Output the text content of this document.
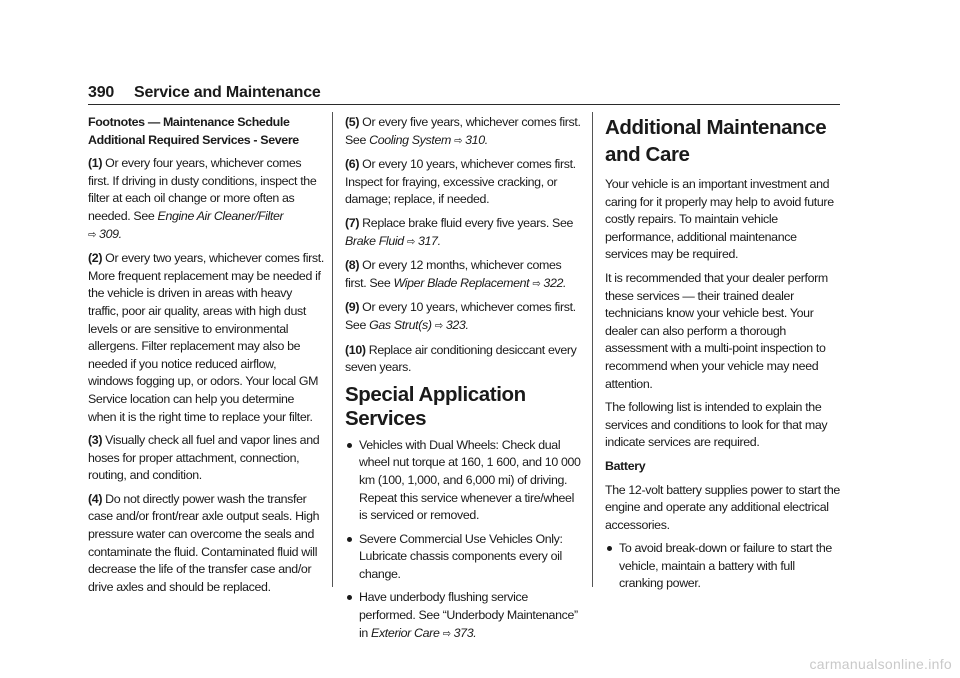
390 Service and Maintenance

Footnotes — Maintenance Schedule
Additional Required Services - Severe

(1) Or every four years, whichever comes first. If driving in dusty conditions, inspect the filter at each oil change or more often as needed. See Engine Air Cleaner/Filter
⇨ 309.

(2) Or every two years, whichever comes first. More frequent replacement may be needed if the vehicle is driven in areas with heavy traffic, poor air quality, areas with high dust levels or are sensitive to environmental allergens. Filter replacement may also be needed if you notice reduced airflow, windows fogging up, or odors. Your local GM Service location can help you determine when it is the right time to replace your filter.

(3) Visually check all fuel and vapor lines and hoses for proper attachment, connection, routing, and condition.

(4) Do not directly power wash the transfer case and/or front/rear axle output seals. High pressure water can overcome the seals and contaminate the fluid. Contaminated fluid will decrease the life of the transfer case and/or drive axles and should be replaced.

(5) Or every five years, whichever comes first. See Cooling System ⇨ 310.

(6) Or every 10 years, whichever comes first. Inspect for fraying, excessive cracking, or damage; replace, if needed.

(7) Replace brake fluid every five years. See Brake Fluid ⇨ 317.

(8) Or every 12 months, whichever comes first. See Wiper Blade Replacement ⇨ 322.

(9) Or every 10 years, whichever comes first. See Gas Strut(s) ⇨ 323.

(10) Replace air conditioning desiccant every seven years.

Special Application Services
Vehicles with Dual Wheels: Check dual wheel nut torque at 160, 1 600, and 10 000 km (100, 1,000, and 6,000 mi) of driving. Repeat this service whenever a tire/wheel is serviced or removed.
Severe Commercial Use Vehicles Only: Lubricate chassis components every oil change.
Have underbody flushing service performed. See “Underbody Maintenance” in Exterior Care ⇨ 373.
Additional Maintenance
and Care

Your vehicle is an important investment and caring for it properly may help to avoid future costly repairs. To maintain vehicle performance, additional maintenance services may be required.

It is recommended that your dealer perform these services — their trained dealer technicians know your vehicle best. Your dealer can also perform a thorough assessment with a multi-point inspection to recommend when your vehicle may need attention.

The following list is intended to explain the services and conditions to look for that may indicate services are required.

Battery

The 12-volt battery supplies power to start the engine and operate any additional electrical accessories.

To avoid break-down or failure to start the vehicle, maintain a battery with full cranking power.
carmanualsonline.info
